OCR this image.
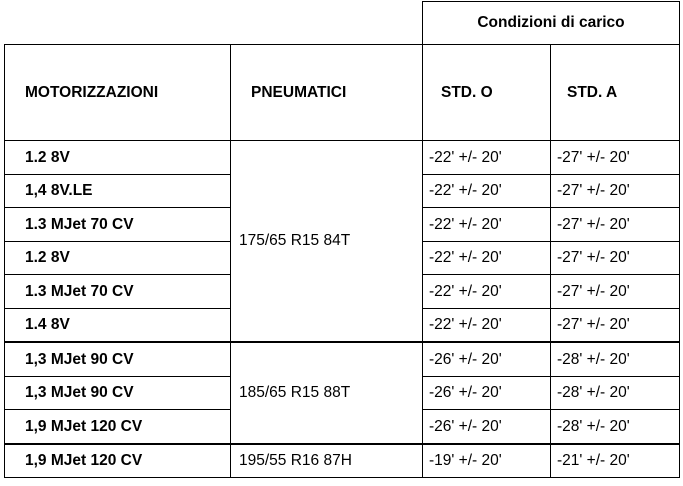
		Condizioni di carico	
MOTORIZZAZIONI	PNEUMATICI	STD. O	STD. A
1.2 8V	175/65 R15 84T	-22' +/- 20'	-27' +/- 20'
1,4 8V.LE		-22' +/- 20'	-27' +/- 20'
1.3 MJet 70 CV		-22' +/- 20'	-27' +/- 20'
1.2 8V		-22' +/- 20'	-27' +/- 20'
1.3 MJet 70 CV		-22' +/- 20'	-27' +/- 20'
1.4 8V		-22' +/- 20'	-27' +/- 20'
1,3 MJet 90 CV	185/65 R15 88T	-26' +/- 20'	-28' +/- 20'
1,3 MJet 90 CV		-26' +/- 20'	-28' +/- 20'
1,9 MJet 120 CV		-26' +/- 20'	-28' +/- 20'
1,9 MJet 120 CV	195/55 R16 87H	-19' +/- 20'	-21' +/- 20'
